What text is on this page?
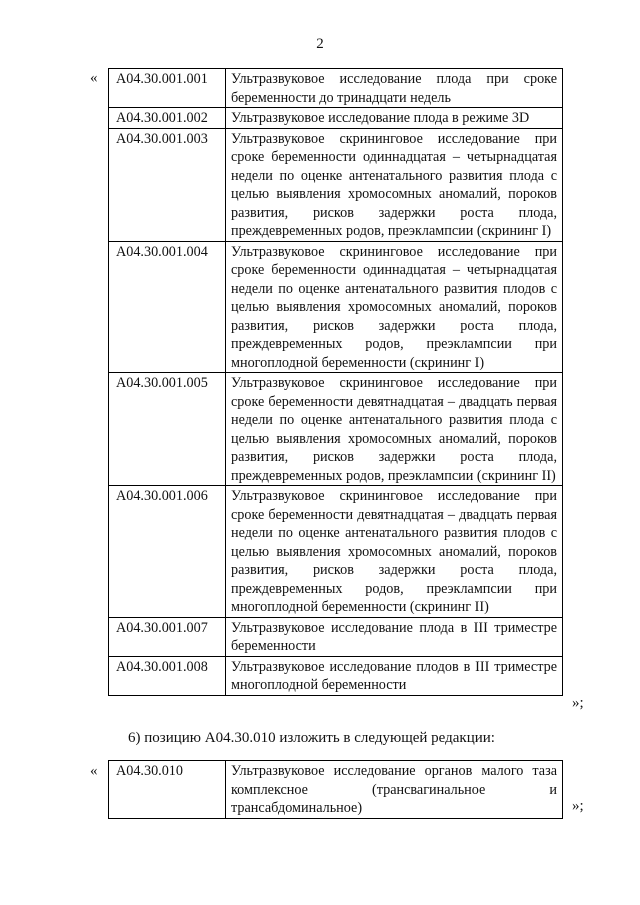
2
« А04.30.001.001	Ультразвуковое исследование плода при сроке беременности до тринадцати недель
А04.30.001.002	Ультразвуковое исследование плода в режиме 3D
А04.30.001.003	Ультразвуковое скрининговое исследование при сроке беременности одиннадцатая – четырнадцатая недели по оценке антенатального развития плода с целью выявления хромосомных аномалий, пороков развития, рисков задержки роста плода, преждевременных родов, преэклампсии (скрининг I)
А04.30.001.004	Ультразвуковое скрининговое исследование при сроке беременности одиннадцатая – четырнадцатая недели по оценке антенатального развития плодов с целью выявления хромосомных аномалий, пороков развития, рисков задержки роста плода, преждевременных родов, преэклампсии при многоплодной беременности (скрининг I)
А04.30.001.005	Ультразвуковое скрининговое исследование при сроке беременности девятнадцатая – двадцать первая недели по оценке антенатального развития плода с целью выявления хромосомных аномалий, пороков развития, рисков задержки роста плода, преждевременных родов, преэклампсии (скрининг II)
А04.30.001.006	Ультразвуковое скрининговое исследование при сроке беременности девятнадцатая – двадцать первая недели по оценке антенатального развития плодов с целью выявления хромосомных аномалий, пороков развития, рисков задержки роста плода, преждевременных родов, преэклампсии при многоплодной беременности (скрининг II)
А04.30.001.007	Ультразвуковое исследование плода в III триместре беременности
А04.30.001.008	Ультразвуковое исследование плодов в III триместре многоплодной беременности
»;
6) позицию А04.30.010 изложить в следующей редакции:
« А04.30.010	Ультразвуковое исследование органов малого таза комплексное (трансвагинальное и трансабдоминальное)	»;
